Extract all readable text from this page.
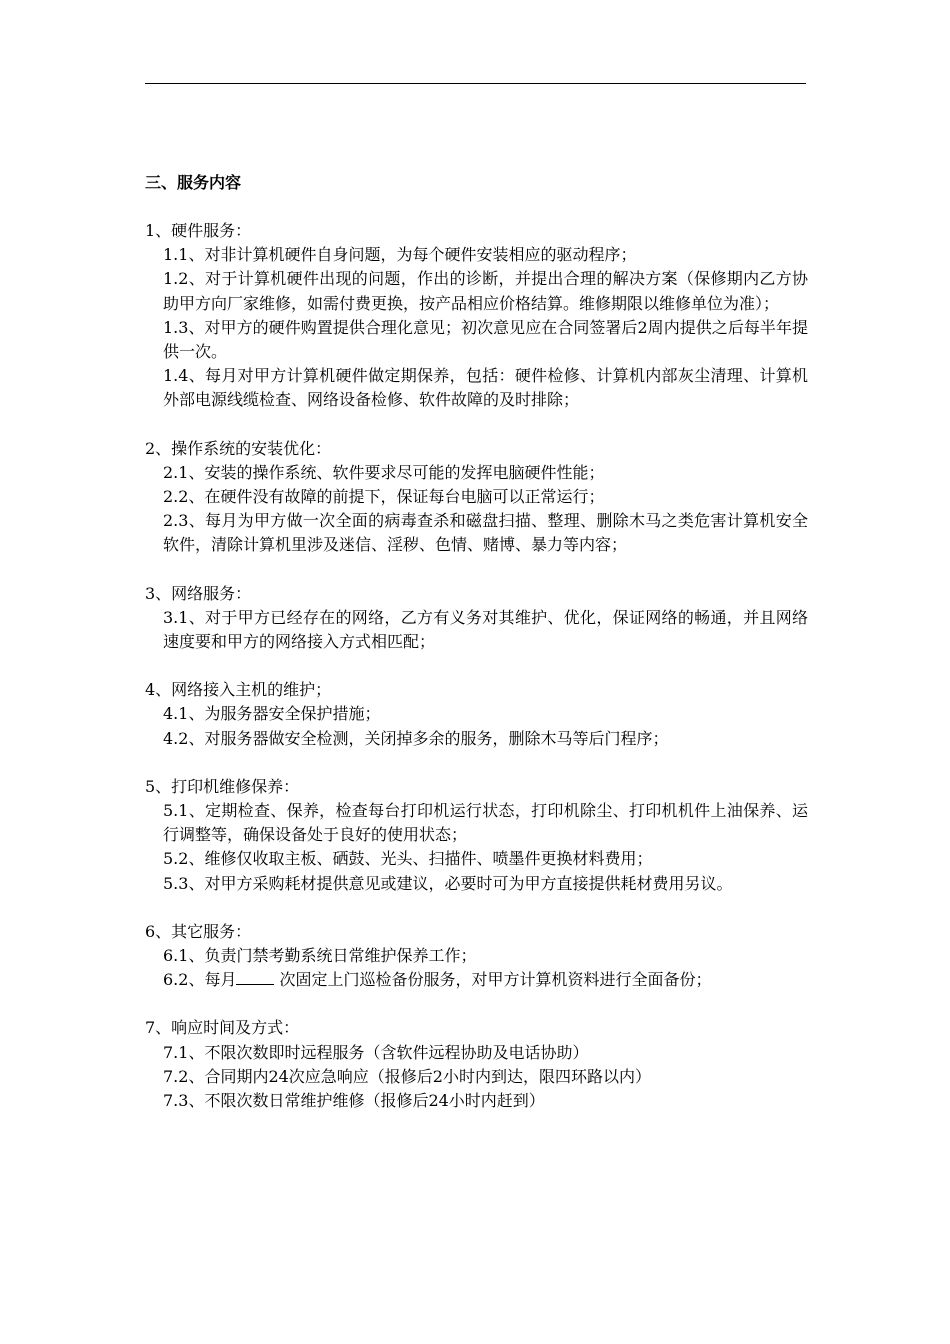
三、服务内容
1、硬件服务：
1.1、对非计算机硬件自身问题，为每个硬件安装相应的驱动程序；
1.2、对于计算机硬件出现的问题，作出的诊断，并提出合理的解决方案（保修期内乙方协助甲方向厂家维修，如需付费更换，按产品相应价格结算。维修期限以维修单位为准）；
1.3、对甲方的硬件购置提供合理化意见；初次意见应在合同签署后2周内提供之后每半年提供一次。
1.4、每月对甲方计算机硬件做定期保养，包括：硬件检修、计算机内部灰尘清理、计算机外部电源线缆检查、网络设备检修、软件故障的及时排除；
2、操作系统的安装优化：
2.1、安装的操作系统、软件要求尽可能的发挥电脑硬件性能；
2.2、在硬件没有故障的前提下，保证每台电脑可以正常运行；
2.3、每月为甲方做一次全面的病毒查杀和磁盘扫描、整理、删除木马之类危害计算机安全软件，清除计算机里涉及迷信、淫秽、色情、赌博、暴力等内容；
3、网络服务：
3.1、对于甲方已经存在的网络，乙方有义务对其维护、优化，保证网络的畅通，并且网络速度要和甲方的网络接入方式相匹配；
4、网络接入主机的维护；
4.1、为服务器安全保护措施；
4.2、对服务器做安全检测，关闭掉多余的服务，删除木马等后门程序；
5、打印机维修保养：
5.1、定期检查、保养，检查每台打印机运行状态，打印机除尘、打印机机件上油保养、运行调整等，确保设备处于良好的使用状态；
5.2、维修仅收取主板、硒鼓、光头、扫描件、喷墨件更换材料费用；
5.3、对甲方采购耗材提供意见或建议，必要时可为甲方直接提供耗材费用另议。
6、其它服务：
6.1、负责门禁考勤系统日常维护保养工作；
6.2、每月	次固定上门巡检备份服务，对甲方计算机资料进行全面备份；
7、响应时间及方式：
7.1、不限次数即时远程服务（含软件远程协助及电话协助）
7.2、合同期内24次应急响应（报修后2小时内到达，限四环路以内）
7.3、不限次数日常维护维修（报修后24小时内赶到）
